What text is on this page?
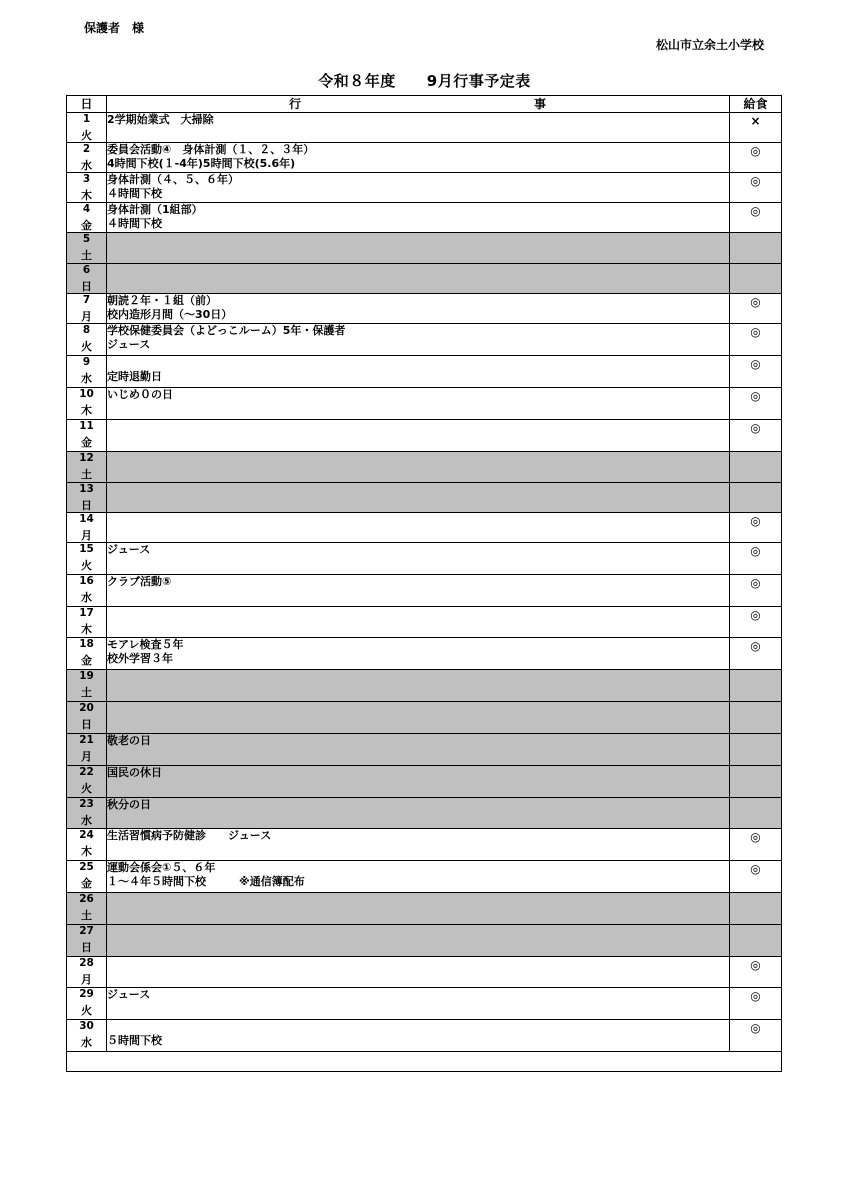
保護者　様
松山市立余土小学校
令和８年度　　9月行事予定表
日	行 事	給食

1
火	2学期始業式　大掃除	×

2
水	委員会活動④　身体計測（１、２、３年）
4時間下校(１-4年)5時間下校(5.6年)	◎

3
木	身体計測（４、５、６年）
４時間下校	◎

4
金	身体計測（1組部）
４時間下校	◎

5
土		

6
日		

7
月	朝読２年・１組（前）
校内造形月間（～30日）	◎

8
火	学校保健委員会（よどっこルーム）5年・保護者
ジュース	◎

9
水	定時退勤日	◎

10
木	いじめ０の日	◎

11
金		◎

12
土		

13
日		

14
月		◎

15
火	ジュース	◎

16
水	クラブ活動⑤	◎

17
木		◎

18
金	モアレ検査５年
校外学習３年	◎

19
土		

20
日		

21
月	敬老の日	

22
火	国民の休日	

23
水	秋分の日	

24
木	生活習慣病予防健診　　ジュース	◎

25
金	運動会係会①５、６年
１～４年５時間下校　　　※通信簿配布	◎

26
土		

27
日		

28
月		◎

29
火	ジュース	◎

30
水	５時間下校	◎
